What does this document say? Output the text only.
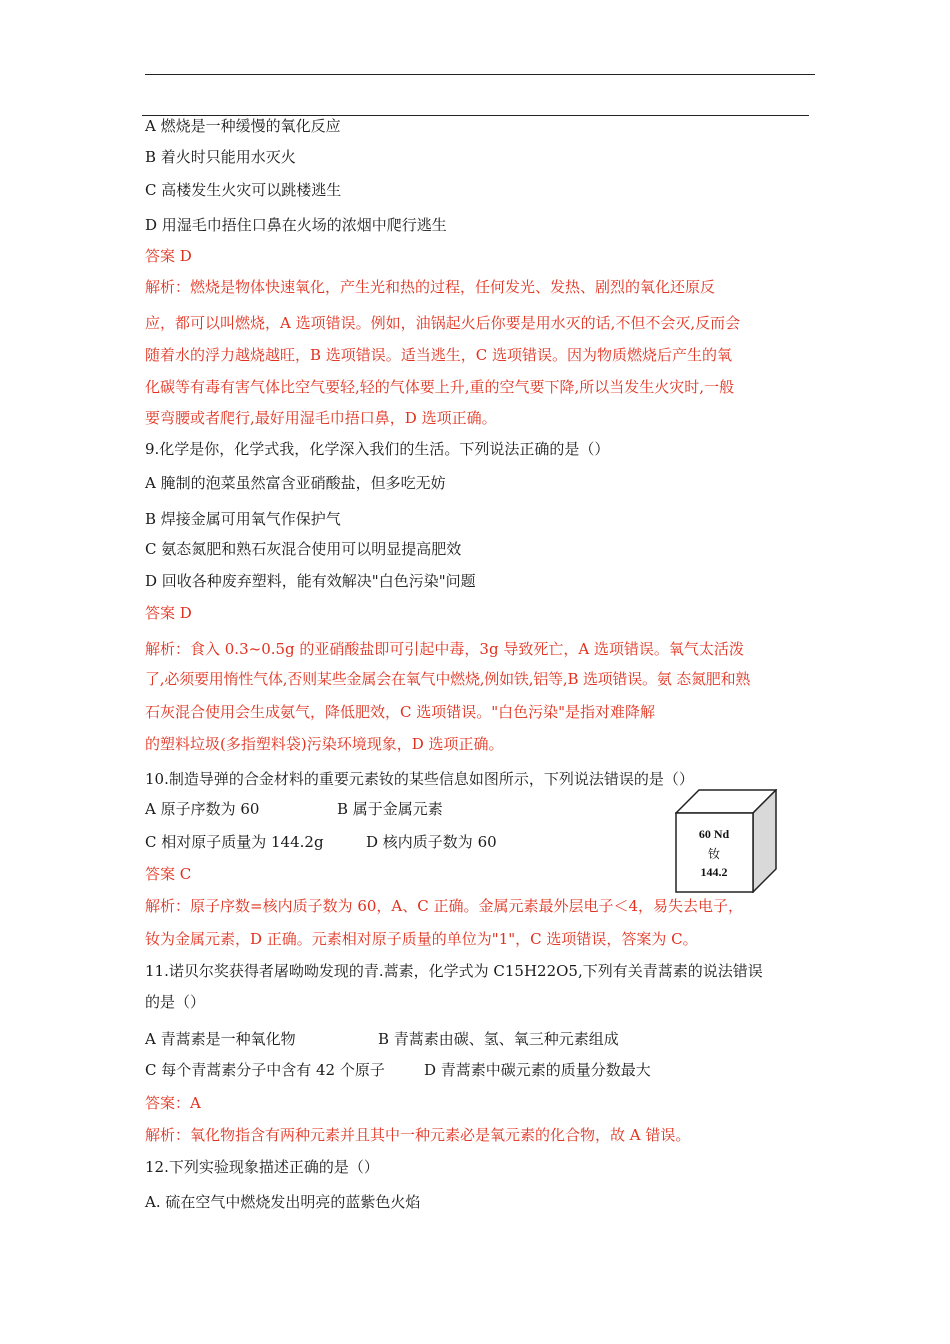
A 燃烧是一种缓慢的氧化反应
B 着火时只能用水灭火
C 高楼发生火灾可以跳楼逃生
D 用湿毛巾捂住口鼻在火场的浓烟中爬行逃生
答案 D
解析：燃烧是物体快速氧化，产生光和热的过程，任何发光、发热、剧烈的氧化还原反
应，都可以叫燃烧，A 选项错误。例如，油锅起火后你要是用水灭的话,不但不会灭,反而会
随着水的浮力越烧越旺，B 选项错误。适当逃生，C 选项错误。因为物质燃烧后产生的氧
化碳等有毒有害气体比空气要轻,轻的气体要上升,重的空气要下降,所以当发生火灾时,一般
要弯腰或者爬行,最好用湿毛巾捂口鼻，D 选项正确。
9.化学是你，化学式我，化学深入我们的生活。下列说法正确的是（）
A 腌制的泡菜虽然富含亚硝酸盐，但多吃无妨
B 焊接金属可用氧气作保护气
C 氨态氮肥和熟石灰混合使用可以明显提高肥效
D 回收各种废弃塑料，能有效解决"白色污染"问题
答案 D
解析：食入 0.3~0.5g 的亚硝酸盐即可引起中毒，3g 导致死亡，A 选项错误。氧气太活泼
了,必须要用惰性气体,否则某些金属会在氧气中燃烧,例如铁,铝等,B 选项错误。氨 态氮肥和熟
石灰混合使用会生成氨气，降低肥效，C 选项错误。"白色污染"是指对难降解
的塑料垃圾(多指塑料袋)污染环境现象，D 选项正确。
10.制造导弹的合金材料的重要元素钕的某些信息如图所示，下列说法错误的是（）
A 原子序数为 60	B 属于金属元素
C 相对原子质量为 144.2g	D 核内质子数为 60
答案 C
解析：原子序数=核内质子数为 60，A、C 正确。金属元素最外层电子＜4，易失去电子，
钕为金属元素，D 正确。元素相对原子质量的单位为"1"，C 选项错误，答案为 C。
60 Nd
钕
144.2
11.诺贝尔奖获得者屠呦呦发现的青.蒿素，化学式为 C15H22O5,下列有关青蒿素的说法错误
的是（）
A 青蒿素是一种氧化物	B 青蒿素由碳、氢、氧三种元素组成
C 每个青蒿素分子中含有 42 个原子	D 青蒿素中碳元素的质量分数最大
答案：A
解析：氧化物指含有两种元素并且其中一种元素必是氧元素的化合物，故 A 错误。
12.下列实验现象描述正确的是（）
A. 硫在空气中燃烧发出明亮的蓝紫色火焰
